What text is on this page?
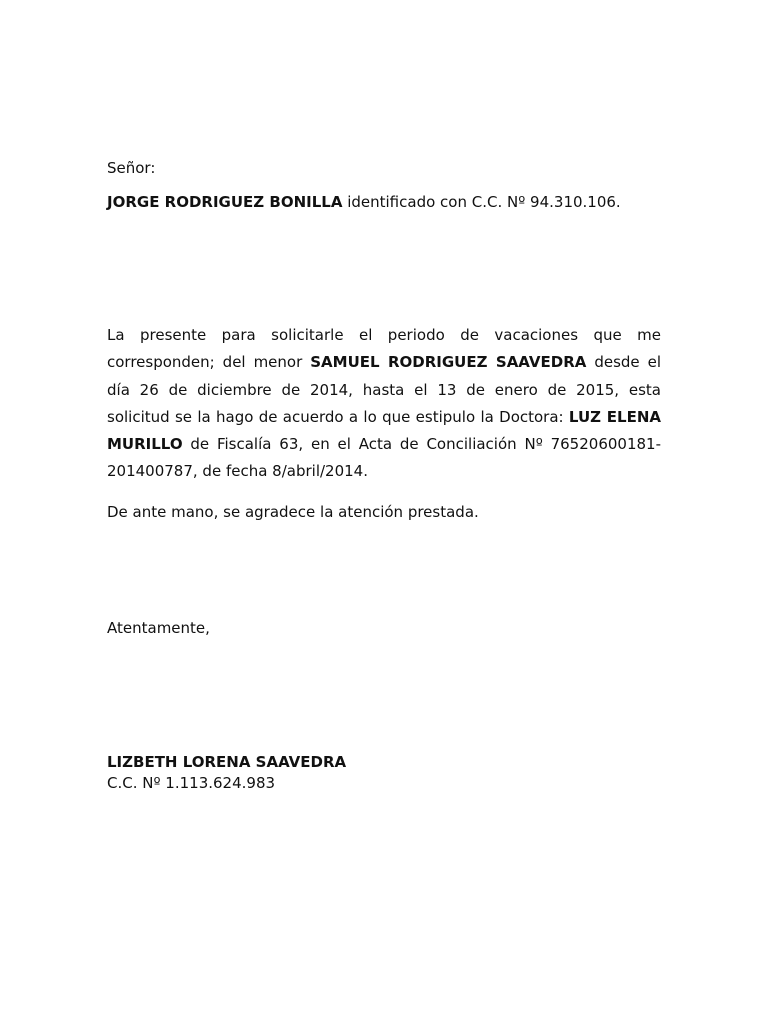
Señor:
JORGE RODRIGUEZ BONILLA identificado con C.C. Nº 94.310.106.

La presente para solicitarle el periodo de vacaciones que me corresponden; del menor SAMUEL RODRIGUEZ SAAVEDRA desde el día 26 de diciembre de 2014, hasta el 13 de enero de 2015, esta solicitud se la hago de acuerdo a lo que estipulo la Doctora: LUZ ELENA MURILLO de Fiscalía 63, en el Acta de Conciliación Nº 76520600181-201400787, de fecha 8/abril/2014.

De ante mano, se agradece la atención prestada.
Atentamente,
LIZBETH LORENA SAAVEDRA
C.C. Nº 1.113.624.983
